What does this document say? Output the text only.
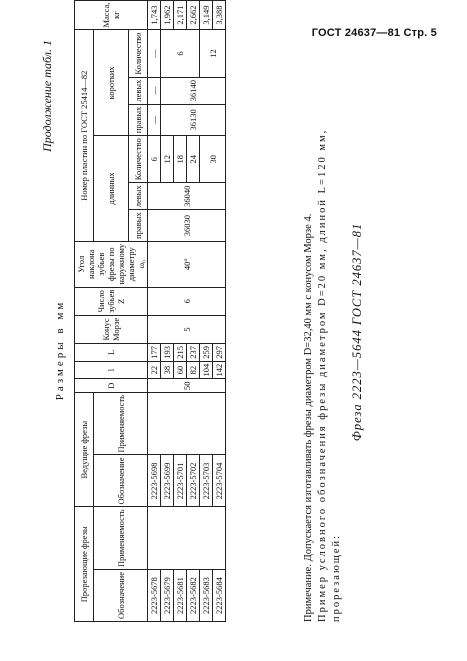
ГОСТ 24637—81 Стр. 5
Продолжение табл. 1
Размеры в мм
Прорезающие фрезы		Ведущие фрезы		D	l	L	Конус Морзе	Число зубьев Z	Угол наклона зубьев фрезы по наружному диаметру ω₀	Номер пластин по ГОСТ 25414—82						Масса, кг
Обозначение	Применяемость	Обозначение	Применяемость							длинных			коротких			
										правых	левых	Количество	правых	левых	Количество	
2223-5678		2223-5698		50	22	177	5	6	40°	36030	36040	6	—	—	—	1,743
2223-5679		2223-5699			38	193						12	36130	36140	6	1,962
2223-5681		2223-5701			60	215						18				2,171
2223-5682		2223-5702			82	237						24				2,662
2223-5683		2223-5703			104	259						30			12	3,149
2223-5684		2223-5704			142	297										3,388
Примечание. Допускается изготавливать фрезы диаметром D=32,40 мм с конусом Морзе 4. Пример условного обозначения фрезы диаметром D=20 мм, длиной L=120 мм, прорезающей:
Фреза 2223—5644 ГОСТ 24637—81
